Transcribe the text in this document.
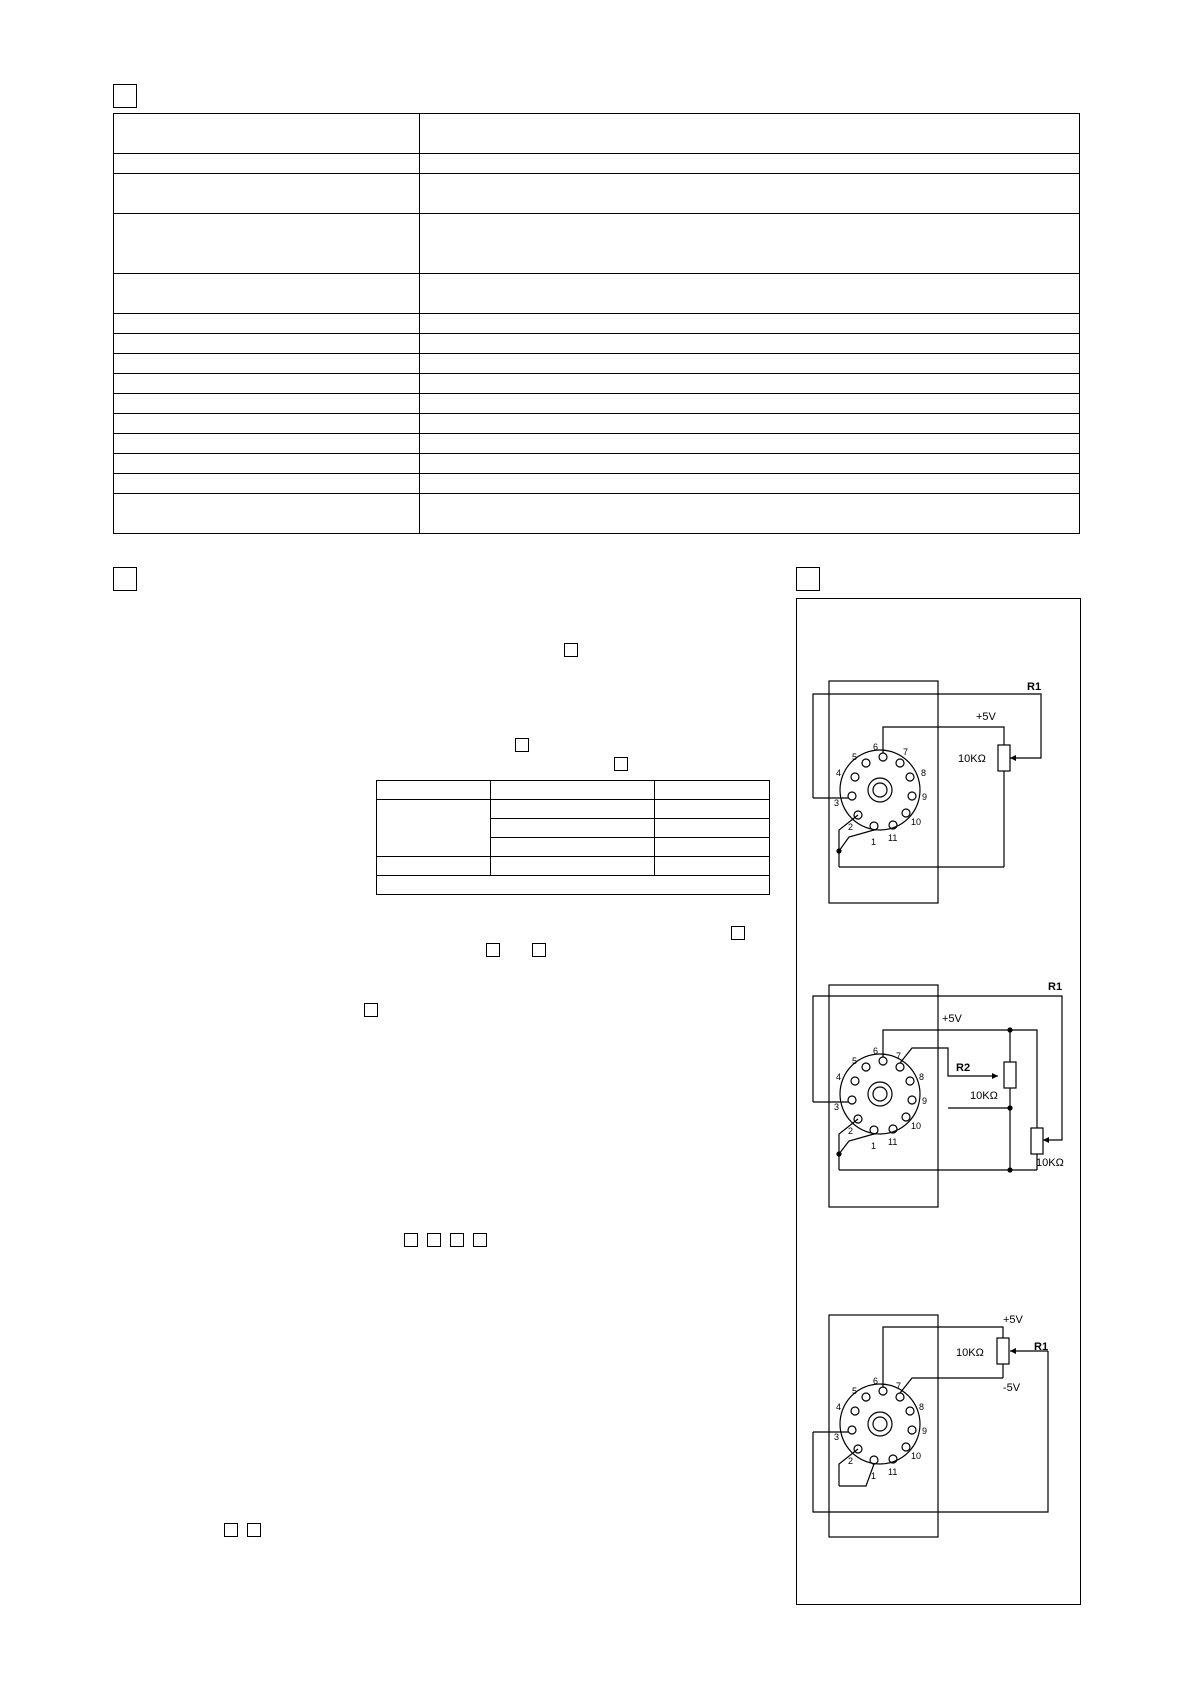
1
2
3
4
5
6	7
8
9
10
11
R1
+5V
10KΩ
1
2
3
4
5
6 7
8
9
10
11
R1
+5V
R2
10KΩ
10KΩ
1
2
3
4
5
6 7
8
9
10
11
+5V
10KΩ	R1
-5V
